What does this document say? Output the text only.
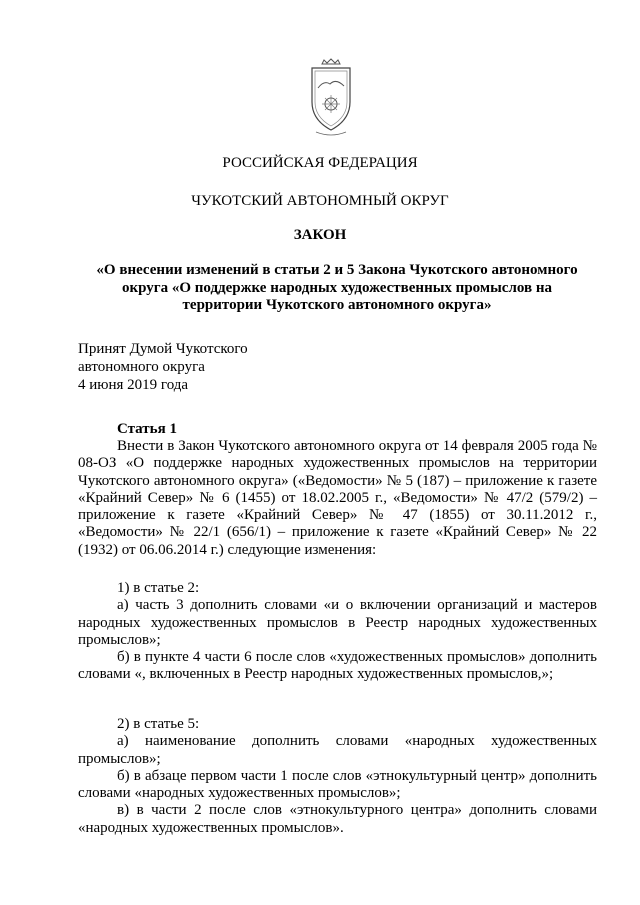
РОССИЙСКАЯ ФЕДЕРАЦИЯ
ЧУКОТСКИЙ АВТОНОМНЫЙ ОКРУГ
ЗАКОН
«О внесении изменений в статьи 2 и 5 Закона Чукотского автономного
округа «О поддержке народных художественных промыслов на
территории Чукотского автономного округа»
Принят Думой Чукотского
автономного округа
4 июня 2019 года
Статья 1

Внести в Закон Чукотского автономного округа от 14 февраля 2005 года № 08-ОЗ «О поддержке народных художественных промыслов на территории Чукотского автономного округа» («Ведомости» № 5 (187) – приложение к газете «Крайний Север» № 6 (1455) от 18.02.2005 г., «Ведомости» № 47/2 (579/2) – приложение к газете «Крайний Север» № 47 (1855) от 30.11.2012 г., «Ведомости» № 22/1 (656/1) – приложение к газете «Крайний Север» № 22 (1932) от 06.06.2014 г.) следующие изменения:

1) в статье 2:

а) часть 3 дополнить словами «и о включении организаций и мастеров народных художественных промыслов в Реестр народных художественных промыслов»;

б) в пункте 4 части 6 после слов «художественных промыслов» дополнить словами «, включенных в Реестр народных художественных промыслов,»;

2) в статье 5:

а) наименование дополнить словами «народных художественных промыслов»;

б) в абзаце первом части 1 после слов «этнокультурный центр» дополнить словами «народных художественных промыслов»;

в) в части 2 после слов «этнокультурного центра» дополнить словами «народных художественных промыслов».
